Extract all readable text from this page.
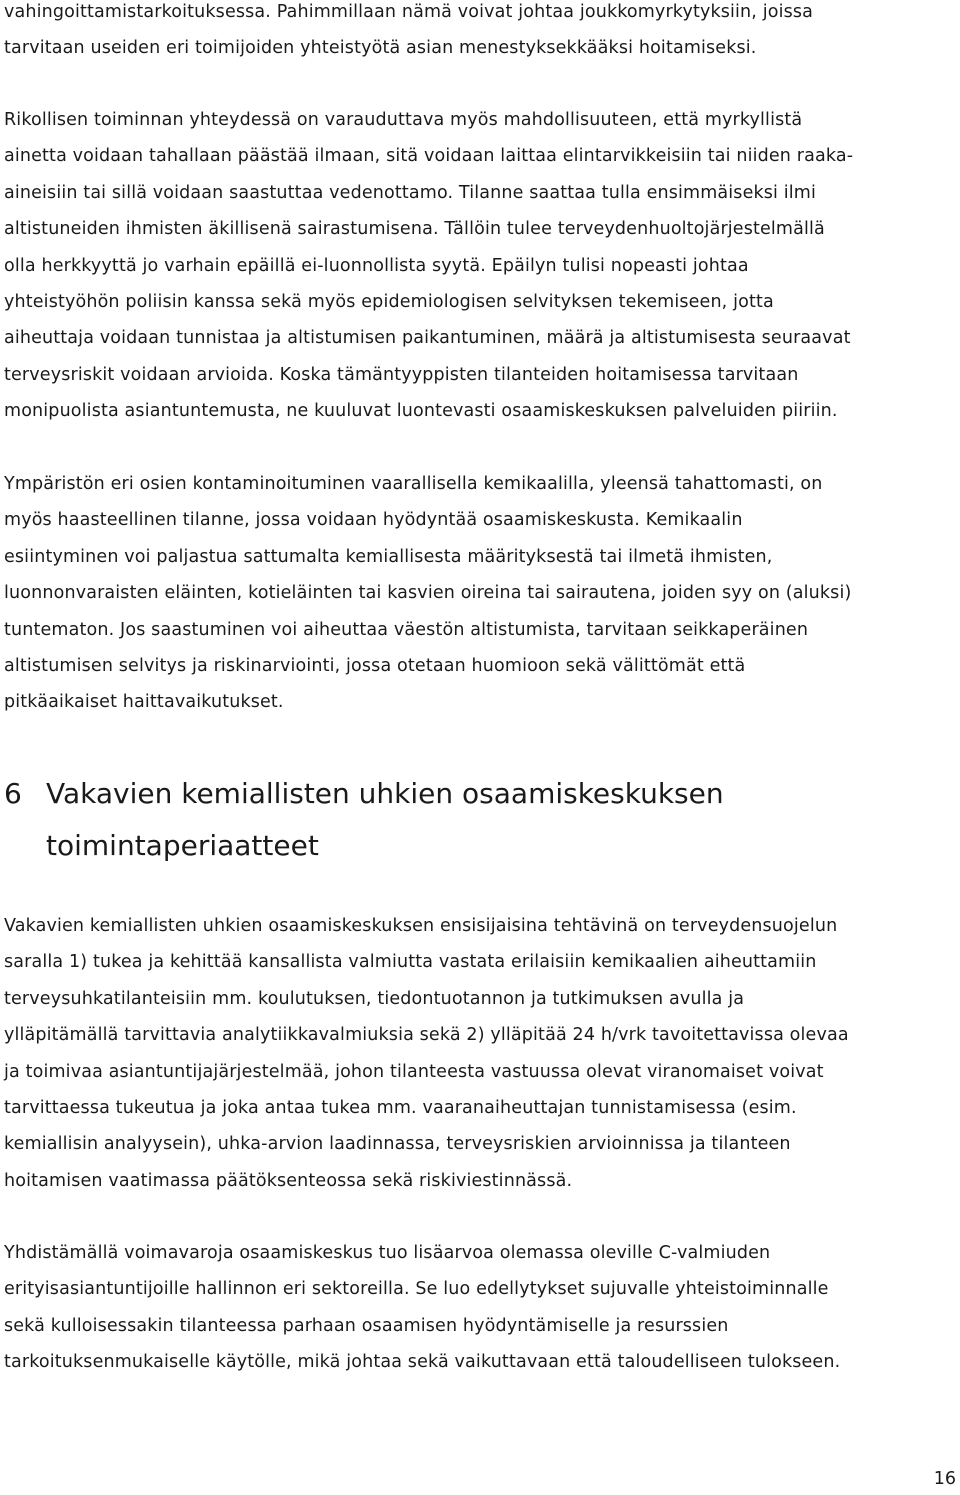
vahingoittamistarkoituksessa. Pahimmillaan nämä voivat johtaa joukkomyrkytyksiin, joissa
tarvitaan useiden eri toimijoiden yhteistyötä asian menestyksekkääksi hoitamiseksi.

Rikollisen toiminnan yhteydessä on varauduttava myös mahdollisuuteen, että myrkyllistä
ainetta voidaan tahallaan päästää ilmaan, sitä voidaan laittaa elintarvikkeisiin tai niiden raaka-
aineisiin tai sillä voidaan saastuttaa vedenottamo. Tilanne saattaa tulla ensimmäiseksi ilmi
altistuneiden ihmisten äkillisenä sairastumisena. Tällöin tulee terveydenhuoltojärjestelmällä
olla herkkyyttä jo varhain epäillä ei-luonnollista syytä. Epäilyn tulisi nopeasti johtaa
yhteistyöhön poliisin kanssa sekä myös epidemiologisen selvityksen tekemiseen, jotta
aiheuttaja voidaan tunnistaa ja altistumisen paikantuminen, määrä ja altistumisesta seuraavat
terveysriskit voidaan arvioida. Koska tämäntyyppisten tilanteiden hoitamisessa tarvitaan
monipuolista asiantuntemusta, ne kuuluvat luontevasti osaamiskeskuksen palveluiden piiriin.

Ympäristön eri osien kontaminoituminen vaarallisella kemikaalilla, yleensä tahattomasti, on
myös haasteellinen tilanne, jossa voidaan hyödyntää osaamiskeskusta. Kemikaalin
esiintyminen voi paljastua sattumalta kemiallisesta määrityksestä tai ilmetä ihmisten,
luonnonvaraisten eläinten, kotieläinten tai kasvien oireina tai sairautena, joiden syy on (aluksi)
tuntematon. Jos saastuminen voi aiheuttaa väestön altistumista, tarvitaan seikkaperäinen
altistumisen selvitys ja riskinarviointi, jossa otetaan huomioon sekä välittömät että
pitkäaikaiset haittavaikutukset.

6 Vakavien kemiallisten uhkien osaamiskeskuksen
toimintaperiaatteet

Vakavien kemiallisten uhkien osaamiskeskuksen ensisijaisina tehtävinä on terveydensuojelun
saralla 1) tukea ja kehittää kansallista valmiutta vastata erilaisiin kemikaalien aiheuttamiin
terveysuhkatilanteisiin mm. koulutuksen, tiedontuotannon ja tutkimuksen avulla ja
ylläpitämällä tarvittavia analytiikkavalmiuksia sekä 2) ylläpitää 24 h/vrk tavoitettavissa olevaa
ja toimivaa asiantuntijajärjestelmää, johon tilanteesta vastuussa olevat viranomaiset voivat
tarvittaessa tukeutua ja joka antaa tukea mm. vaaranaiheuttajan tunnistamisessa (esim.
kemiallisin analyysein), uhka-arvion laadinnassa, terveysriskien arvioinnissa ja tilanteen
hoitamisen vaatimassa päätöksenteossa sekä riskiviestinnässä.

Yhdistämällä voimavaroja osaamiskeskus tuo lisäarvoa olemassa oleville C-valmiuden
erityisasiantuntijoille hallinnon eri sektoreilla. Se luo edellytykset sujuvalle yhteistoiminnalle
sekä kulloisessakin tilanteessa parhaan osaamisen hyödyntämiselle ja resurssien
tarkoituksenmukaiselle käytölle, mikä johtaa sekä vaikuttavaan että taloudelliseen tulokseen.

16
